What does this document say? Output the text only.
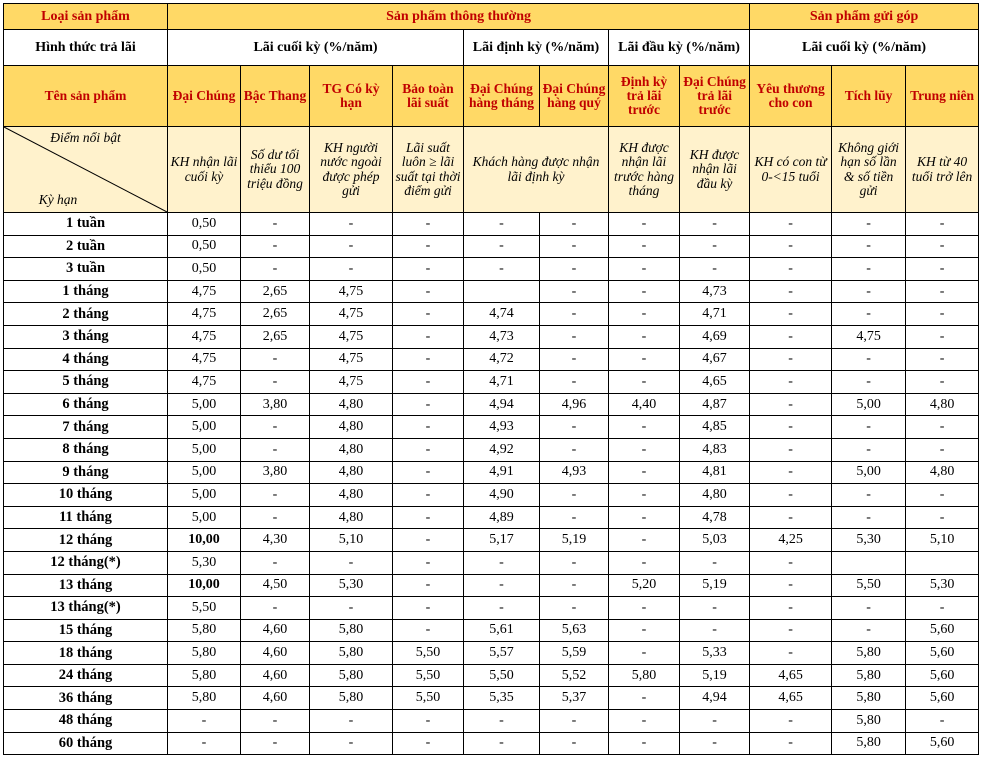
Loại sản phẩm	Sản phẩm thông thường								Sản phẩm gửi góp		
Hình thức trả lãi	Lãi cuối kỳ (%/năm)				Lãi định kỳ (%/năm)		Lãi đầu kỳ (%/năm)		Lãi cuối kỳ (%/năm)		
Tên sản phẩm	Đại Chúng	Bậc Thang	TG Có kỳ hạn	Bảo toàn lãi suất	Đại Chúng hàng tháng	Đại Chúng hàng quý	Định kỳ trả lãi trước	Đại Chúng trả lãi trước	Yêu thương cho con	Tích lũy	Trung niên

Điểm nổi bật
Kỳ hạn	KH nhận lãi cuối kỳ	Số dư tối thiểu 100 triệu đồng	KH người nước ngoài được phép gửi	Lãi suất luôn ≥ lãi suất tại thời điểm gửi	Khách hàng được nhận lãi định kỳ		KH được nhận lãi trước hàng tháng	KH được nhận lãi đầu kỳ	KH có con từ 0-<15 tuổi	Không giới hạn số lần & số tiền gửi	KH từ 40 tuổi trở lên
1 tuần	0,50	-	-	-	-	-	-	-	-	-	-
2 tuần	0,50	-	-	-	-	-	-	-	-	-	-
3 tuần	0,50	-	-	-	-	-	-	-	-	-	-
1 tháng	4,75	2,65	4,75	-		-	-	4,73	-	-	-
2 tháng	4,75	2,65	4,75	-	4,74	-	-	4,71	-	-	-
3 tháng	4,75	2,65	4,75	-	4,73	-	-	4,69	-	4,75	-
4 tháng	4,75	-	4,75	-	4,72	-	-	4,67	-	-	-
5 tháng	4,75	-	4,75	-	4,71	-	-	4,65	-	-	-
6 tháng	5,00	3,80	4,80	-	4,94	4,96	4,40	4,87	-	5,00	4,80
7 tháng	5,00	-	4,80	-	4,93	-	-	4,85	-	-	-
8 tháng	5,00	-	4,80	-	4,92	-	-	4,83	-	-	-
9 tháng	5,00	3,80	4,80	-	4,91	4,93	-	4,81	-	5,00	4,80
10 tháng	5,00	-	4,80	-	4,90	-	-	4,80	-	-	-
11 tháng	5,00	-	4,80	-	4,89	-	-	4,78	-	-	-
12 tháng	10,00	4,30	5,10	-	5,17	5,19	-	5,03	4,25	5,30	5,10
12 tháng(*)	5,30	-	-	-	-	-	-	-	-		
13 tháng	10,00	4,50	5,30	-	-	-	5,20	5,19	-	5,50	5,30
13 tháng(*)	5,50	-	-	-	-	-	-	-	-	-	-
15 tháng	5,80	4,60	5,80	-	5,61	5,63	-	-	-	-	5,60
18 tháng	5,80	4,60	5,80	5,50	5,57	5,59	-	5,33	-	5,80	5,60
24 tháng	5,80	4,60	5,80	5,50	5,50	5,52	5,80	5,19	4,65	5,80	5,60
36 tháng	5,80	4,60	5,80	5,50	5,35	5,37	-	4,94	4,65	5,80	5,60
48 tháng	-	-	-	-	-	-	-	-	-	5,80	-
60 tháng	-	-	-	-	-	-	-	-	-	5,80	5,60
